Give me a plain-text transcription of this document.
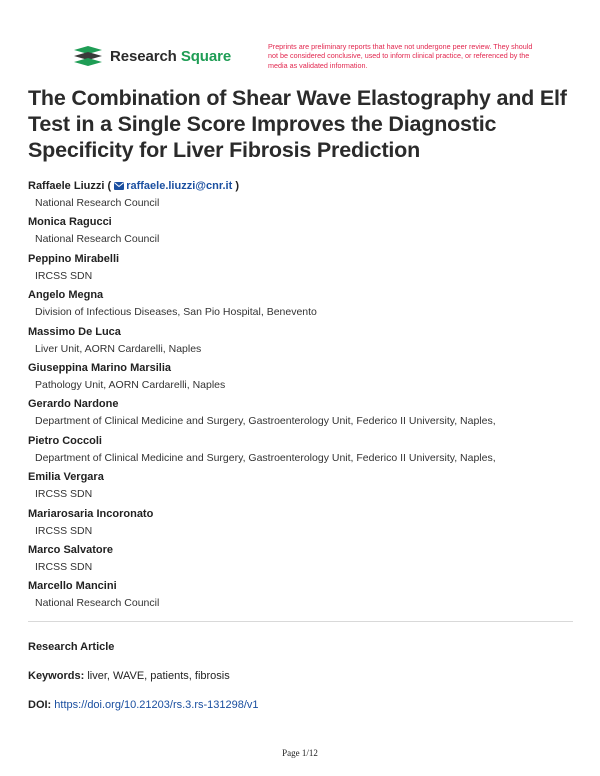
Research Square
Preprints are preliminary reports that have not undergone peer review. They should not be considered conclusive, used to inform clinical practice, or referenced by the media as validated information.
The Combination of Shear Wave Elastography and Elf Test in a Single Score Improves the Diagnostic Specificity for Liver Fibrosis Prediction
Raffaele Liuzzi ( raffaele.liuzzi@cnr.it )
National Research Council
Monica Ragucci
National Research Council
Peppino Mirabelli
IRCSS SDN
Angelo Megna
Division of Infectious Diseases, San Pio Hospital, Benevento
Massimo De Luca
Liver Unit, AORN Cardarelli, Naples
Giuseppina Marino Marsilia
Pathology Unit, AORN Cardarelli, Naples
Gerardo Nardone
Department of Clinical Medicine and Surgery, Gastroenterology Unit, Federico II University, Naples,
Pietro Coccoli
Department of Clinical Medicine and Surgery, Gastroenterology Unit, Federico II University, Naples,
Emilia Vergara
IRCSS SDN
Mariarosaria Incoronato
IRCSS SDN
Marco Salvatore
IRCSS SDN
Marcello Mancini
National Research Council
Research Article
Keywords: liver, WAVE, patients, fibrosis
DOI: https://doi.org/10.21203/rs.3.rs-131298/v1
Page 1/12
